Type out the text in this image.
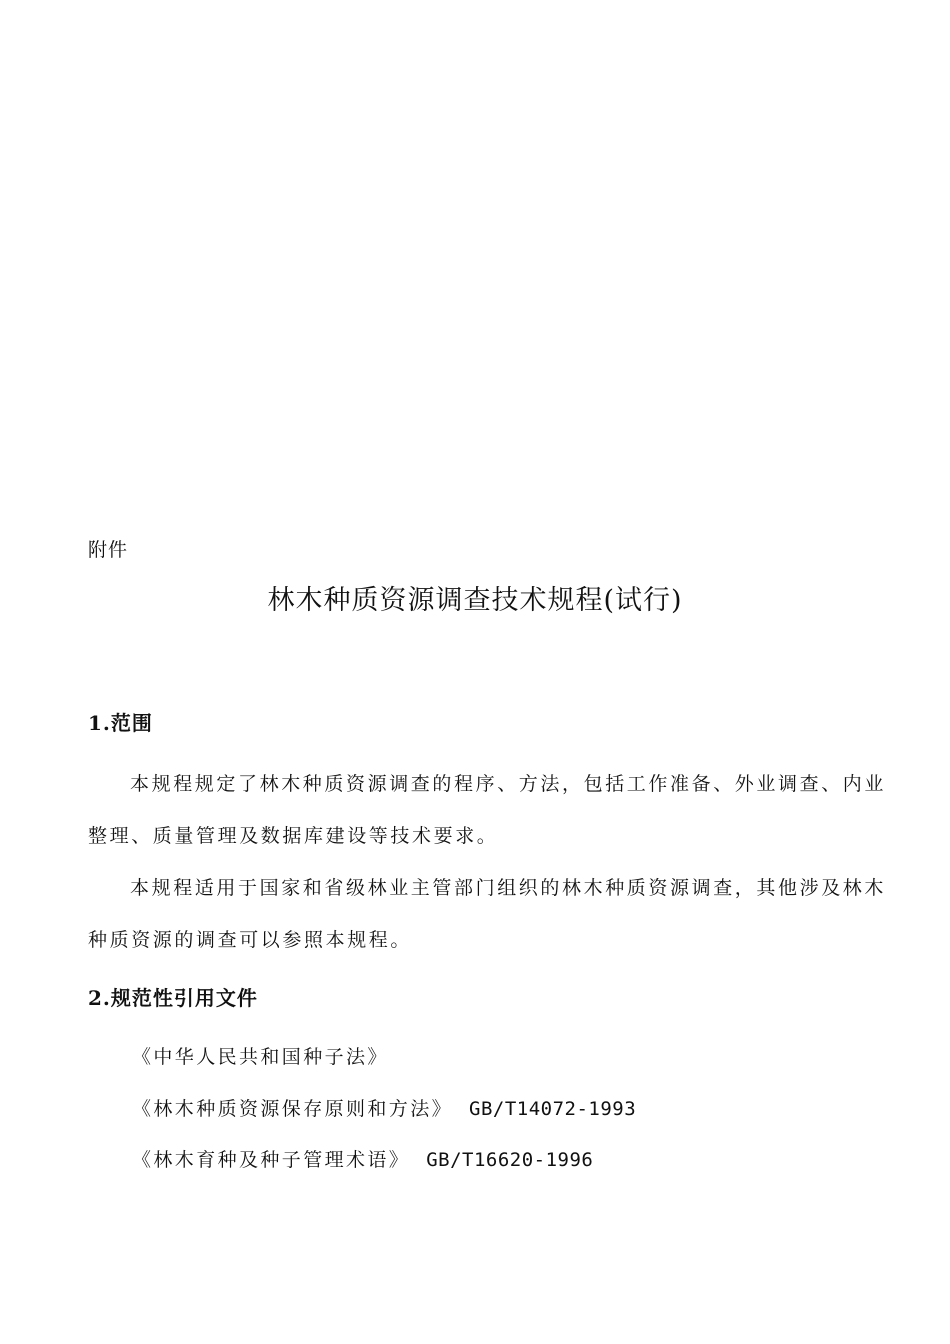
附件
林木种质资源调查技术规程(试行)
1.范围

本规程规定了林木种质资源调查的程序、方法，包括工作准备、外业调查、内业整理、质量管理及数据库建设等技术要求。

本规程适用于国家和省级林业主管部门组织的林木种质资源调查，其他涉及林木种质资源的调查可以参照本规程。

2.规范性引用文件
《中华人民共和国种子法》
《林木种质资源保存原则和方法》 GB/T14072-1993
《林木育种及种子管理术语》 GB/T16620-1996
